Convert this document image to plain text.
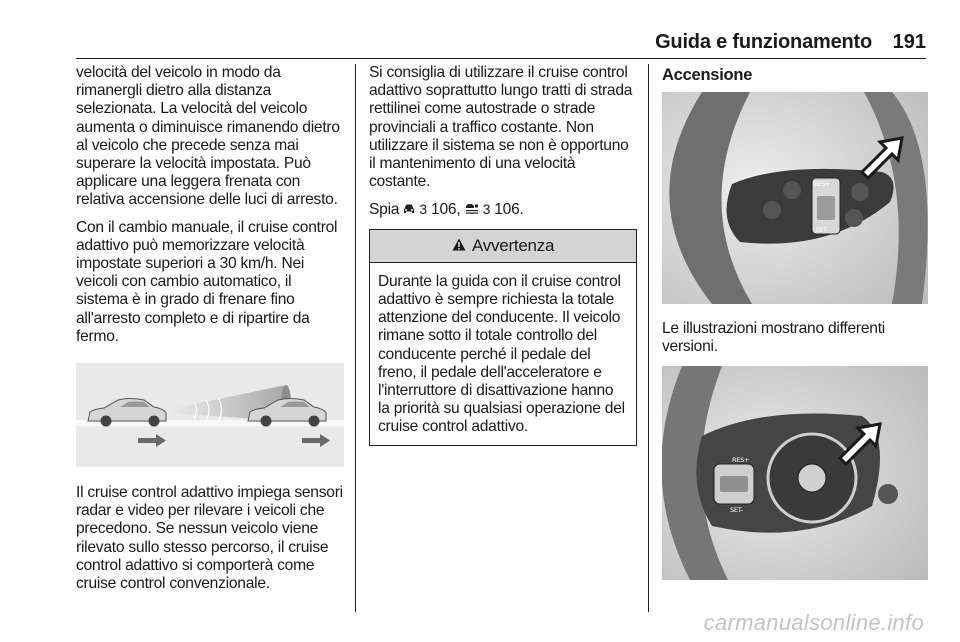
Guida e funzionamento 191

velocità del veicolo in modo da rimanergli dietro alla distanza selezionata. La velocità del veicolo aumenta o diminuisce rimanendo dietro al veicolo che precede senza mai superare la velocità impostata. Può applicare una leggera frenata con relativa accensione delle luci di arresto.

Con il cambio manuale, il cruise control adattivo può memorizzare velocità impostate superiori a 30 km/h. Nei veicoli con cambio automatico, il sistema è in grado di frenare fino all'arresto completo e di ripartire da fermo.

Il cruise control adattivo impiega sensori radar e video per rilevare i veicoli che precedono. Se nessun veicolo viene rilevato sullo stesso percorso, il cruise control adattivo si comporterà come cruise control convenzionale.

Si consiglia di utilizzare il cruise control adattivo soprattutto lungo tratti di strada rettilinei come autostrade o strade provinciali a traffico costante. Non utilizzare il sistema se non è opportuno il mantenimento di una velocità costante.

Spia 3 106, 3 106.

Avvertenza
Durante la guida con il cruise control adattivo è sempre richiesta la totale attenzione del conducente. Il veicolo rimane sotto il totale controllo del conducente perché il pedale del freno, il pedale dell'acceleratore e l'interruttore di disattivazione hanno la priorità su qualsiasi operazione del cruise control adattivo.
Accensione
RES+
SET-

Le illustrazioni mostrano differenti versioni.

RES+
SET-
carmanualsonline.info
